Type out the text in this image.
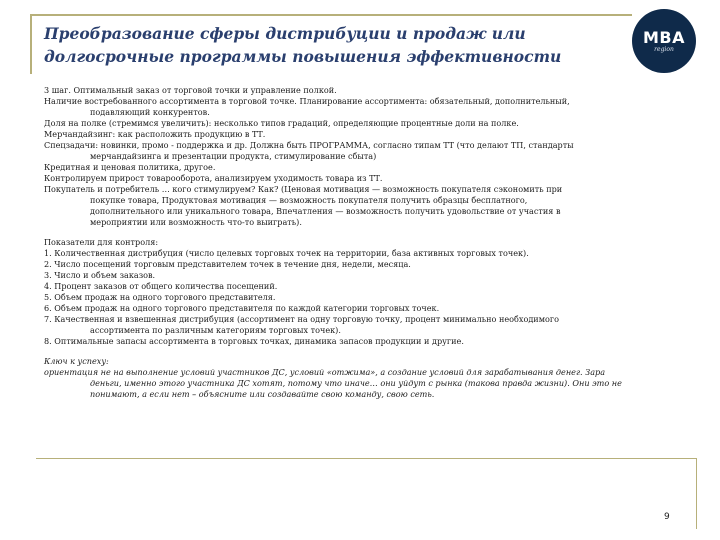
Преобразование сферы дистрибуции и продаж или
долгосрочные программы повышения эффективности
MBA
region

3 шаг. Оптимальный заказ от торговой точки и управление полкой.

Наличие востребованного ассортимента в торговой точке. Планирование ассортимента: обязательный, дополнительный,

подавляющий конкурентов.

Доля на полке (стремимся увеличить): несколько типов градаций, определяющие процентные доли на полке.

Мерчандайзинг: как расположить продукцию в ТТ.

Спецзадачи: новинки, промо - поддержка и др. Должна быть ПРОГРАММА, согласно типам ТТ (что делают ТП, стандарты

мерчандайзинга и презентации продукта, стимулирование сбыта)

Кредитная и ценовая политика, другое.

Контролируем прирост товарооборота, анализируем уходимость товара из ТТ.

Покупатель и потребитель … кого стимулируем? Как? (Ценовая мотивация — возможность покупателя сэкономить при

покупке товара, Продуктовая мотивация — возможность покупателя получить образцы бесплатного,

дополнительного или уникального товара, Впечатления — возможность получить удовольствие от участия в

мероприятии или возможность что-то выиграть).

Показатели для контроля:

1. Количественная дистрибуция (число целевых торговых точек на территории, база активных торговых точек).

2. Число посещений торговым представителем точек в течение дня, недели, месяца.

3. Число и объем заказов.

4. Процент заказов от общего количества посещений.

5. Объем продаж на одного торгового представителя.

6. Объем продаж на одного торгового представителя по каждой категории торговых точек.

7. Качественная и взвешенная дистрибуция (ассортимент на одну торговую точку, процент минимально необходимого

ассортимента по различным категориям торговых точек).

8. Оптимальные запасы ассортимента в торговых точках, динамика запасов продукции и другие.

Ключ к успеху:

ориентация не на выполнение условий участников ДС, условий «отжима», а создание условий для зарабатывания денег. Зара

деньги, именно этого участника ДС хотят, потому что иначе… они уйдут с рынка (такова правда жизни). Они это не

понимают, а если нет – объясните или создавайте свою команду, свою сеть.

9
